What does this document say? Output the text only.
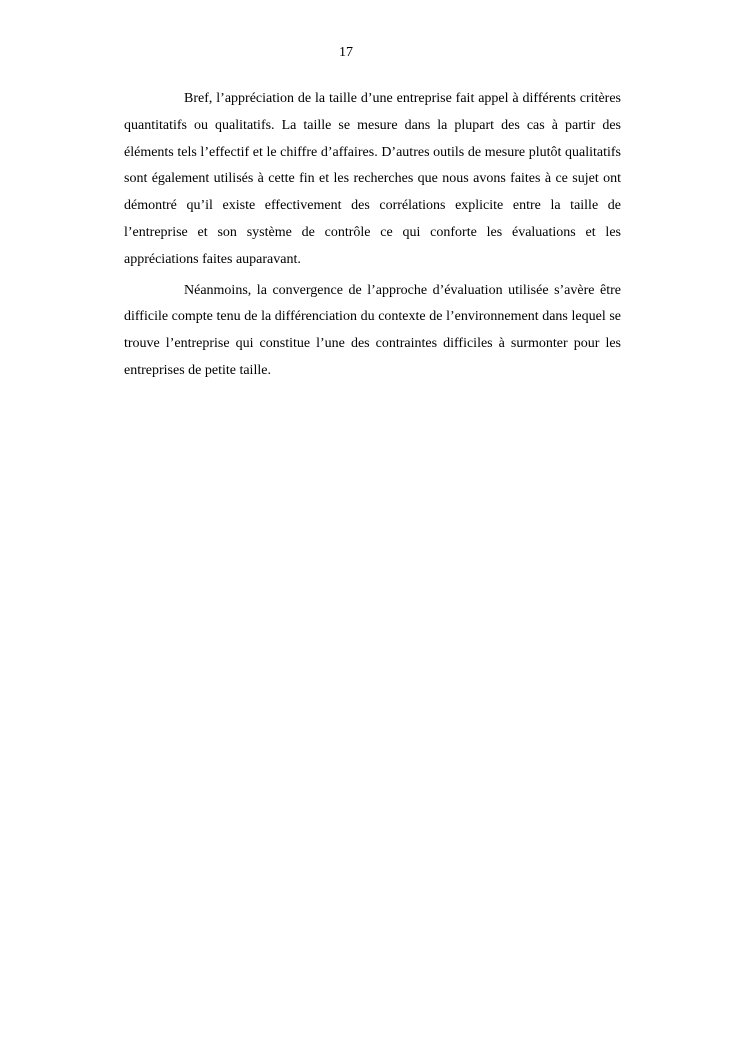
17

Bref, l’appréciation de la taille d’une entreprise fait appel à différents critères quantitatifs ou qualitatifs. La taille se mesure dans la plupart des cas à partir des éléments tels l’effectif et le chiffre d’affaires. D’autres outils de mesure plutôt qualitatifs sont également utilisés à cette fin et les recherches que nous avons faites à ce sujet ont démontré qu’il existe effectivement des corrélations explicite entre la taille de l’entreprise et son système de contrôle ce qui conforte les évaluations et les appréciations faites auparavant.

Néanmoins, la convergence de l’approche d’évaluation utilisée s’avère être difficile compte tenu de la différenciation du contexte de l’environnement dans lequel se trouve l’entreprise qui constitue l’une des contraintes difficiles à surmonter pour les entreprises de petite taille.
